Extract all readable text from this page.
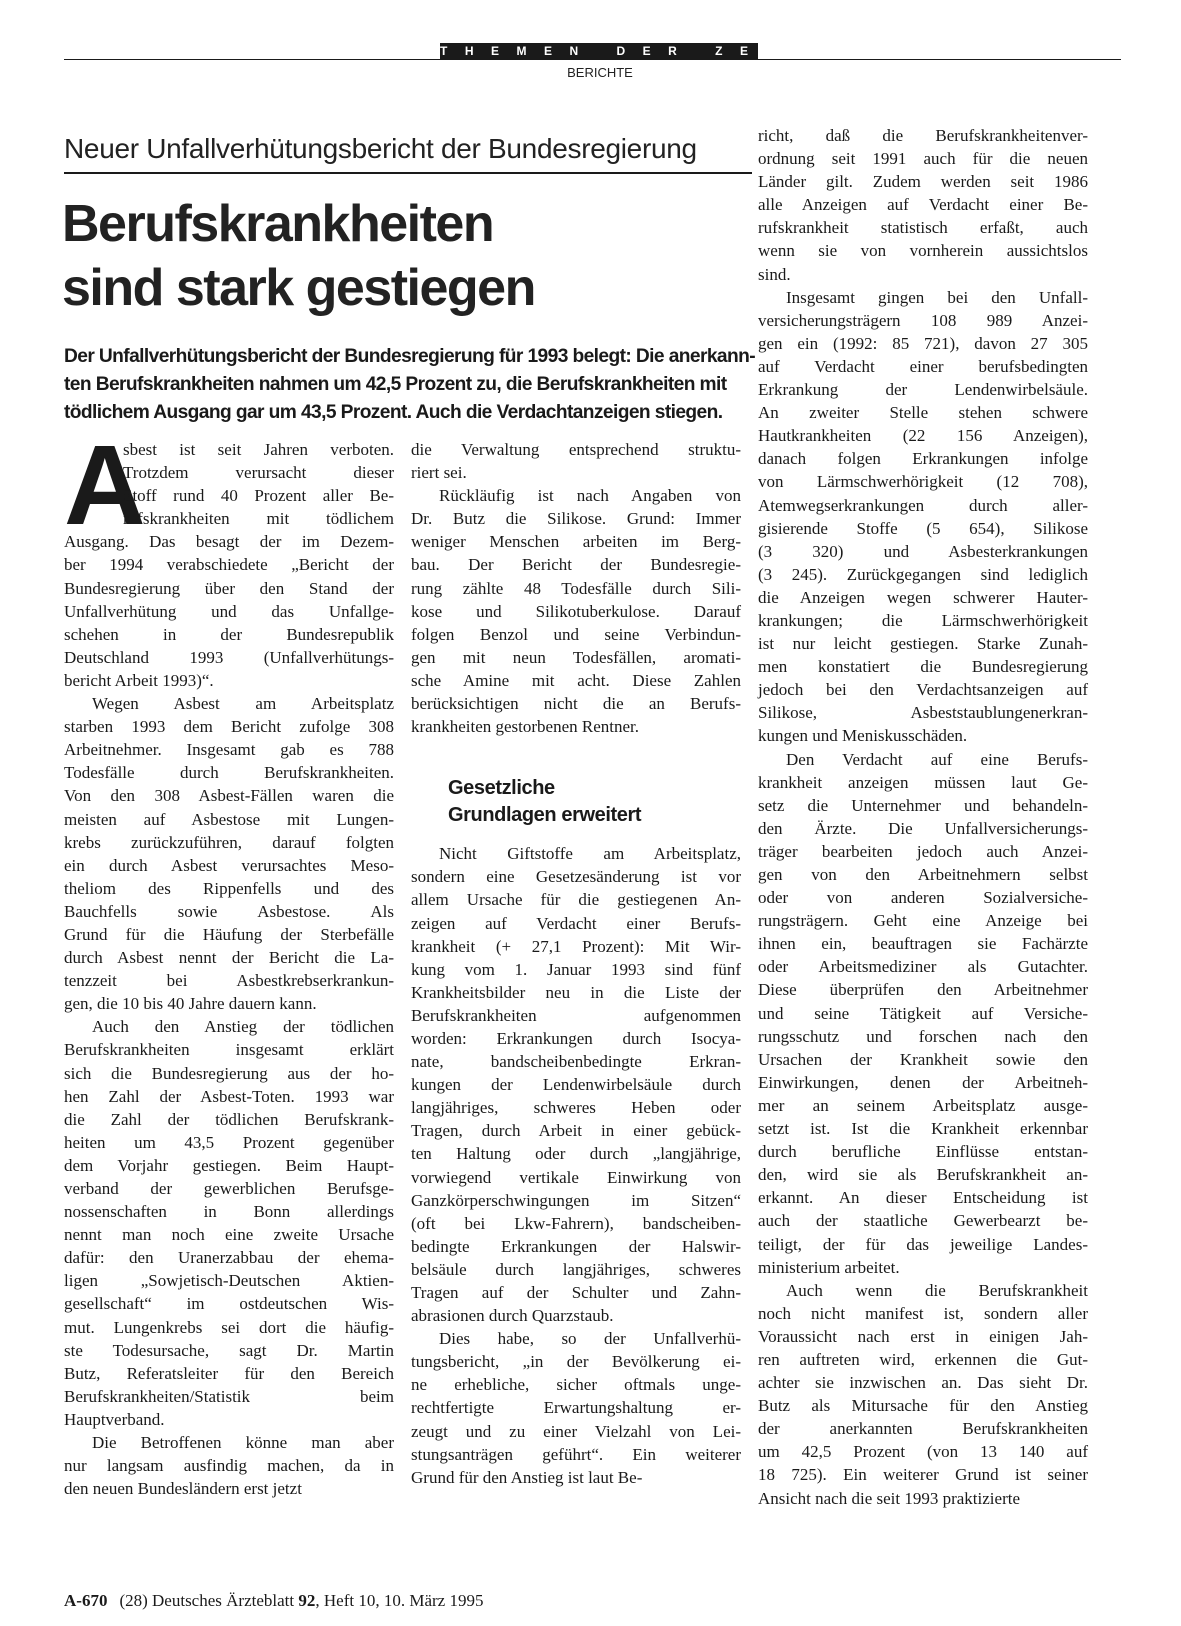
THEMEN DER ZEIT
BERICHTE
Neuer Unfallverhütungsbericht der Bundesregierung
Berufskrankheiten
sind stark gestiegen
Der Unfallverhütungsbericht der Bundesregierung für 1993 belegt: Die anerkann-
ten Berufskrankheiten nahmen um 42,5 Prozent zu, die Berufskrankheiten mit
tödlichem Ausgang gar um 43,5 Prozent. Auch die Verdachtanzeigen stiegen.
A
sbest ist seit Jahren verboten.
Trotzdem verursacht dieser
Stoff rund 40 Prozent aller Be-
rufskrankheiten mit tödlichem
Ausgang. Das besagt der im Dezem-
ber 1994 verabschiedete „Bericht der
Bundesregierung über den Stand der
Unfallverhütung und das Unfallge-
schehen in der Bundesrepublik
Deutschland 1993 (Unfallverhütungs-
bericht Arbeit 1993)“.
Wegen Asbest am Arbeitsplatz
starben 1993 dem Bericht zufolge 308
Arbeitnehmer. Insgesamt gab es 788
Todesfälle durch Berufskrankheiten.
Von den 308 Asbest-Fällen waren die
meisten auf Asbestose mit Lungen-
krebs zurückzuführen, darauf folgten
ein durch Asbest verursachtes Meso-
theliom des Rippenfells und des
Bauchfells sowie Asbestose. Als
Grund für die Häufung der Sterbefälle
durch Asbest nennt der Bericht die La-
tenzzeit bei Asbestkrebserkrankun-
gen, die 10 bis 40 Jahre dauern kann.
Auch den Anstieg der tödlichen
Berufskrankheiten insgesamt erklärt
sich die Bundesregierung aus der ho-
hen Zahl der Asbest-Toten. 1993 war
die Zahl der tödlichen Berufskrank-
heiten um 43,5 Prozent gegenüber
dem Vorjahr gestiegen. Beim Haupt-
verband der gewerblichen Berufsge-
nossenschaften in Bonn allerdings
nennt man noch eine zweite Ursache
dafür: den Uranerzabbau der ehema-
ligen „Sowjetisch-Deutschen Aktien-
gesellschaft“ im ostdeutschen Wis-
mut. Lungenkrebs sei dort die häufig-
ste Todesursache, sagt Dr. Martin
Butz, Referatsleiter für den Bereich
Berufskrankheiten/Statistik beim
Hauptverband.
Die Betroffenen könne man aber
nur langsam ausfindig machen, da in
den neuen Bundesländern erst jetzt
die Verwaltung entsprechend struktu-
riert sei.
Rückläufig ist nach Angaben von
Dr. Butz die Silikose. Grund: Immer
weniger Menschen arbeiten im Berg-
bau. Der Bericht der Bundesregie-
rung zählte 48 Todesfälle durch Sili-
kose und Silikotuberkulose. Darauf
folgen Benzol und seine Verbindun-
gen mit neun Todesfällen, aromati-
sche Amine mit acht. Diese Zahlen
berücksichtigen nicht die an Berufs-
krankheiten gestorbenen Rentner.
Nicht Giftstoffe am Arbeitsplatz,
sondern eine Gesetzesänderung ist vor
allem Ursache für die gestiegenen An-
zeigen auf Verdacht einer Berufs-
krankheit (+ 27,1 Prozent): Mit Wir-
kung vom 1. Januar 1993 sind fünf
Krankheitsbilder neu in die Liste der
Berufskrankheiten aufgenommen
worden: Erkrankungen durch Isocya-
nate, bandscheibenbedingte Erkran-
kungen der Lendenwirbelsäule durch
langjähriges, schweres Heben oder
Tragen, durch Arbeit in einer gebück-
ten Haltung oder durch „langjährige,
vorwiegend vertikale Einwirkung von
Ganzkörperschwingungen im Sitzen“
(oft bei Lkw-Fahrern), bandscheiben-
bedingte Erkrankungen der Halswir-
belsäule durch langjähriges, schweres
Tragen auf der Schulter und Zahn-
abrasionen durch Quarzstaub.
Dies habe, so der Unfallverhü-
tungsbericht, „in der Bevölkerung ei-
ne erhebliche, sicher oftmals unge-
rechtfertigte Erwartungshaltung er-
zeugt und zu einer Vielzahl von Lei-
stungsanträgen geführt“. Ein weiterer
Grund für den Anstieg ist laut Be-
Gesetzliche
Grundlagen erweitert
richt, daß die Berufskrankheitenver-
ordnung seit 1991 auch für die neuen
Länder gilt. Zudem werden seit 1986
alle Anzeigen auf Verdacht einer Be-
rufskrankheit statistisch erfaßt, auch
wenn sie von vornherein aussichtslos
sind.
Insgesamt gingen bei den Unfall-
versicherungsträgern 108 989 Anzei-
gen ein (1992: 85 721), davon 27 305
auf Verdacht einer berufsbedingten
Erkrankung der Lendenwirbelsäule.
An zweiter Stelle stehen schwere
Hautkrankheiten (22 156 Anzeigen),
danach folgen Erkrankungen infolge
von Lärmschwerhörigkeit (12 708),
Atemwegserkrankungen durch aller-
gisierende Stoffe (5 654), Silikose
(3 320) und Asbesterkrankungen
(3 245). Zurückgegangen sind lediglich
die Anzeigen wegen schwerer Hauter-
krankungen; die Lärmschwerhörigkeit
ist nur leicht gestiegen. Starke Zunah-
men konstatiert die Bundesregierung
jedoch bei den Verdachtsanzeigen auf
Silikose, Asbeststaublungenerkran-
kungen und Meniskusschäden.
Den Verdacht auf eine Berufs-
krankheit anzeigen müssen laut Ge-
setz die Unternehmer und behandeln-
den Ärzte. Die Unfallversicherungs-
träger bearbeiten jedoch auch Anzei-
gen von den Arbeitnehmern selbst
oder von anderen Sozialversiche-
rungsträgern. Geht eine Anzeige bei
ihnen ein, beauftragen sie Fachärzte
oder Arbeitsmediziner als Gutachter.
Diese überprüfen den Arbeitnehmer
und seine Tätigkeit auf Versiche-
rungsschutz und forschen nach den
Ursachen der Krankheit sowie den
Einwirkungen, denen der Arbeitneh-
mer an seinem Arbeitsplatz ausge-
setzt ist. Ist die Krankheit erkennbar
durch berufliche Einflüsse entstan-
den, wird sie als Berufskrankheit an-
erkannt. An dieser Entscheidung ist
auch der staatliche Gewerbearzt be-
teiligt, der für das jeweilige Landes-
ministerium arbeitet.
Auch wenn die Berufskrankheit
noch nicht manifest ist, sondern aller
Voraussicht nach erst in einigen Jah-
ren auftreten wird, erkennen die Gut-
achter sie inzwischen an. Das sieht Dr.
Butz als Mitursache für den Anstieg
der anerkannten Berufskrankheiten
um 42,5 Prozent (von 13 140 auf
18 725). Ein weiterer Grund ist seiner
Ansicht nach die seit 1993 praktizierte
A-670 (28) Deutsches Ärzteblatt 92, Heft 10, 10. März 1995
